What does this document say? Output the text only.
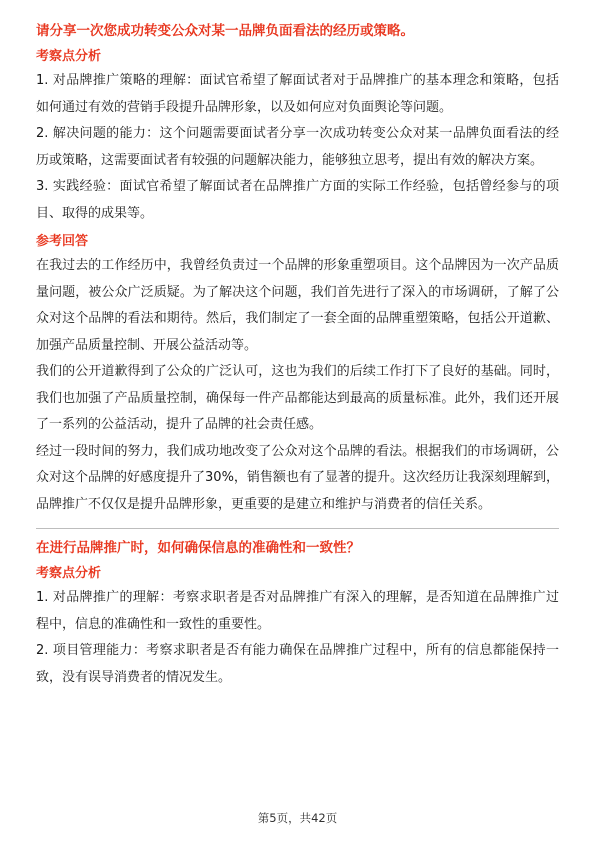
请分享一次您成功转变公众对某一品牌负面看法的经历或策略。

考察点分析

1. 对品牌推广策略的理解：面试官希望了解面试者对于品牌推广的基本理念和策略，包括如何通过有效的营销手段提升品牌形象，以及如何应对负面舆论等问题。

2. 解决问题的能力：这个问题需要面试者分享一次成功转变公众对某一品牌负面看法的经历或策略，这需要面试者有较强的问题解决能力，能够独立思考，提出有效的解决方案。

3. 实践经验：面试官希望了解面试者在品牌推广方面的实际工作经验，包括曾经参与的项目、取得的成果等。

参考回答

在我过去的工作经历中，我曾经负责过一个品牌的形象重塑项目。这个品牌因为一次产品质量问题，被公众广泛质疑。为了解决这个问题，我们首先进行了深入的市场调研，了解了公众对这个品牌的看法和期待。然后，我们制定了一套全面的品牌重塑策略，包括公开道歉、加强产品质量控制、开展公益活动等。

我们的公开道歉得到了公众的广泛认可，这也为我们的后续工作打下了良好的基础。同时，我们也加强了产品质量控制，确保每一件产品都能达到最高的质量标准。此外，我们还开展了一系列的公益活动，提升了品牌的社会责任感。

经过一段时间的努力，我们成功地改变了公众对这个品牌的看法。根据我们的市场调研，公众对这个品牌的好感度提升了30%，销售额也有了显著的提升。这次经历让我深刻理解到，品牌推广不仅仅是提升品牌形象，更重要的是建立和维护与消费者的信任关系。

在进行品牌推广时，如何确保信息的准确性和一致性？

考察点分析

1. 对品牌推广的理解：考察求职者是否对品牌推广有深入的理解，是否知道在品牌推广过程中，信息的准确性和一致性的重要性。

2. 项目管理能力：考察求职者是否有能力确保在品牌推广过程中，所有的信息都能保持一致，没有误导消费者的情况发生。

第5页，共42页
